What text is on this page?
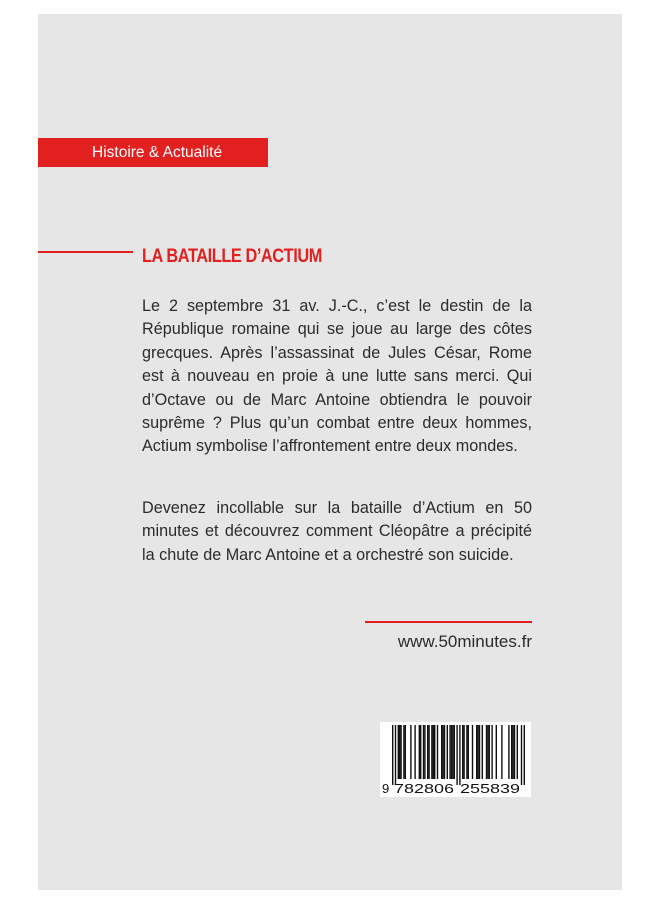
Histoire & Actualité
LA BATAILLE D’ACTIUM

Le 2 septembre 31 av. J.-C., c’est le destin de la République romaine qui se joue au large des côtes grecques. Après l’assassinat de Jules César, Rome est à nouveau en proie à une lutte sans merci. Qui d’Octave ou de Marc Antoine obtiendra le pouvoir suprême ? Plus qu’un combat entre deux hommes, Actium symbolise l’affrontement entre deux mondes.

Devenez incollable sur la bataille d’Actium en 50 minutes et découvrez comment Cléopâtre a précipité la chute de Marc Antoine et a orchestré son suicide.

www.50minutes.fr
9 782806 255839
